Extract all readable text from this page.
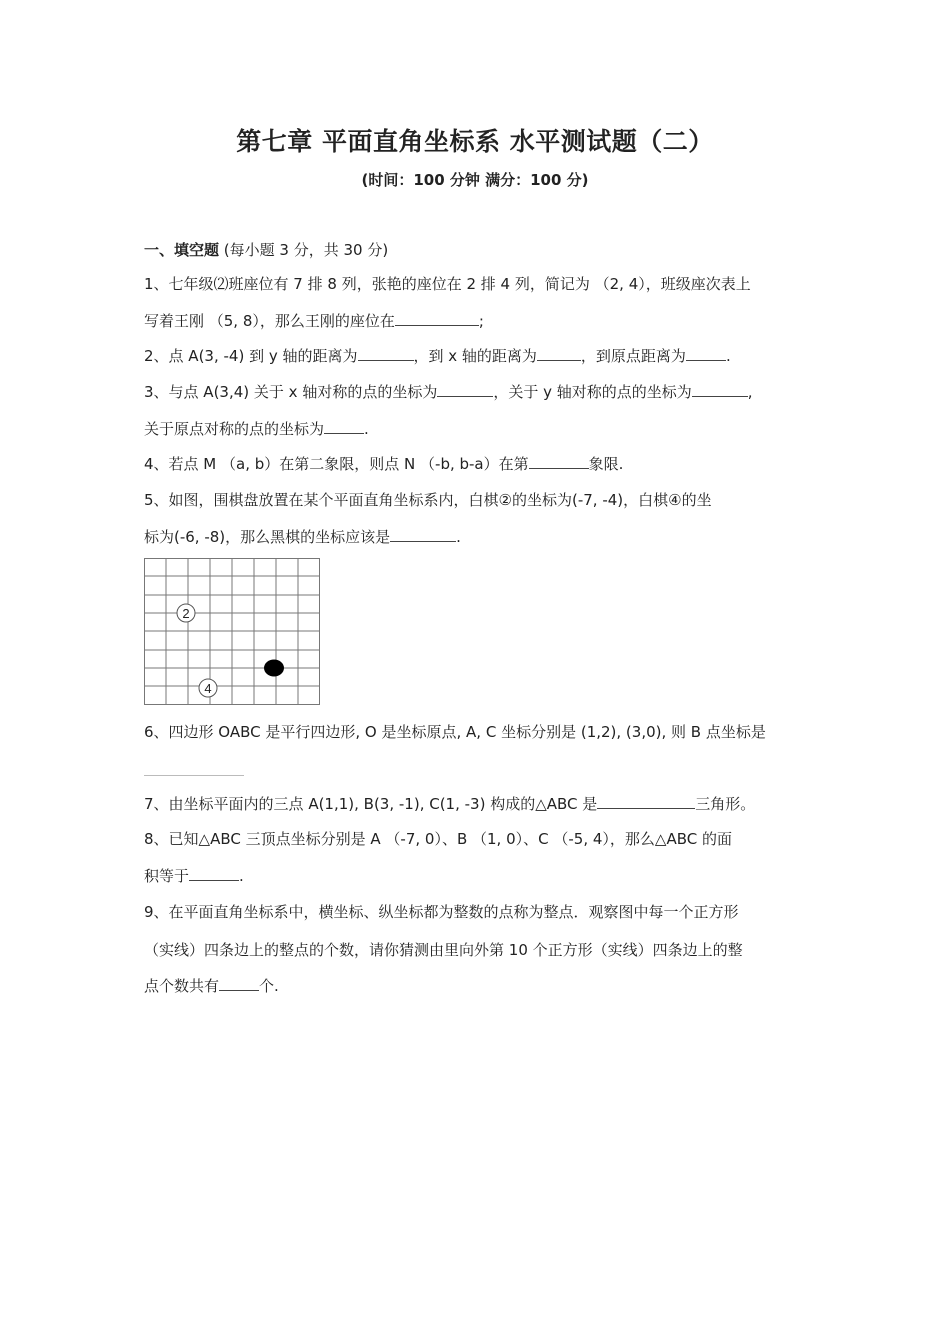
第七章 平面直角坐标系 水平测试题（二）
(时间：100 分钟 满分：100 分)
一、填空题 (每小题 3 分，共 30 分)
1、七年级⑵班座位有 7 排 8 列，张艳的座位在 2 排 4 列，简记为 （2, 4），班级座次表上
写着王刚 （5, 8），那么王刚的座位在	;
2、点 A(3, -4) 到 y 轴的距离为	，到 x 轴的距离为	，到原点距离为	.
3、与点 A(3,4) 关于 x 轴对称的点的坐标为	，关于 y 轴对称的点的坐标为	,
关于原点对称的点的坐标为	.
4、若点 M （a, b）在第二象限，则点 N （-b, b-a）在第	象限.
5、如图，围棋盘放置在某个平面直角坐标系内，白棋②的坐标为(-7, -4)，白棋④的坐
标为(-6, -8)，那么黑棋的坐标应该是	.
2
4
6、四边形 OABC 是平行四边形, O 是坐标原点, A, C 坐标分别是 (1,2), (3,0), 则 B 点坐标是
7、由坐标平面内的三点 A(1,1), B(3, -1), C(1, -3) 构成的△ABC 是	三角形。
8、已知△ABC 三顶点坐标分别是 A （-7, 0）、B （1, 0）、C （-5, 4），那么△ABC 的面
积等于	.
9、在平面直角坐标系中，横坐标、纵坐标都为整数的点称为整点．观察图中每一个正方形
（实线）四条边上的整点的个数，请你猜测由里向外第 10 个正方形（实线）四条边上的整
点个数共有	个.
